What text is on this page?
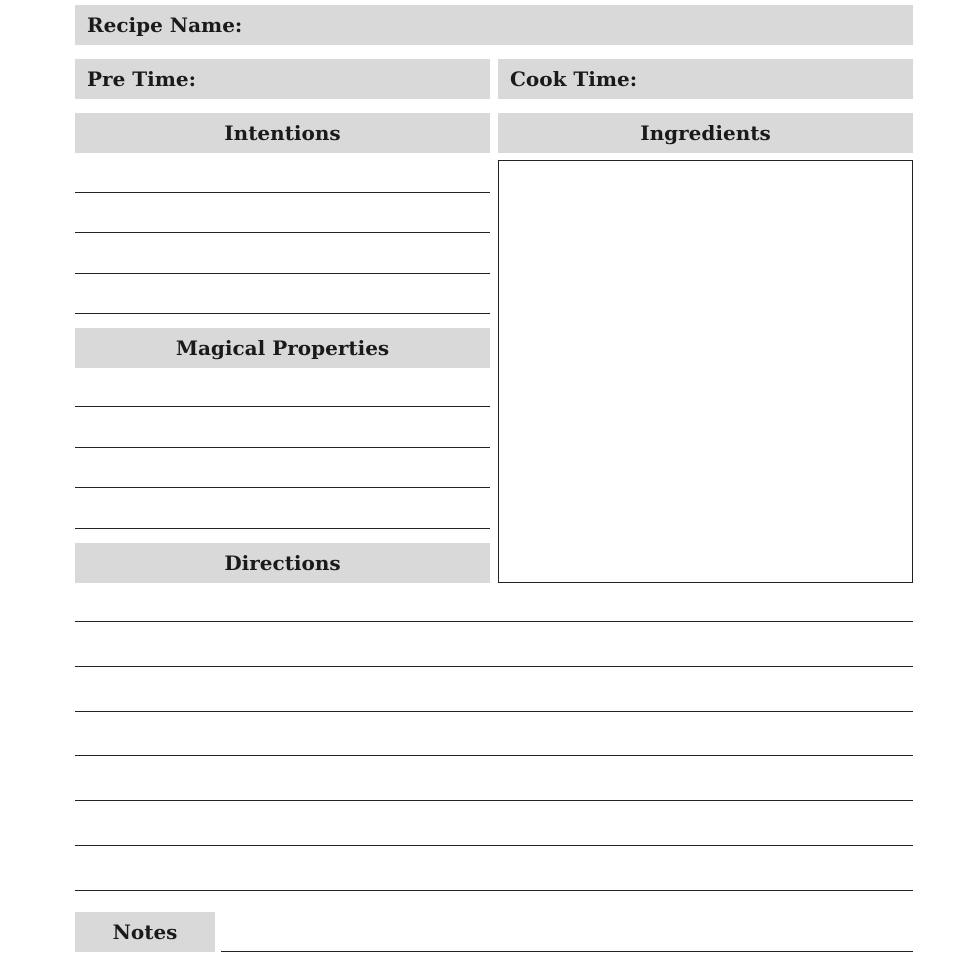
Recipe Name:
Pre Time:	Cook Time:
Intentions	Ingredients
Magical Properties
Directions
Notes
